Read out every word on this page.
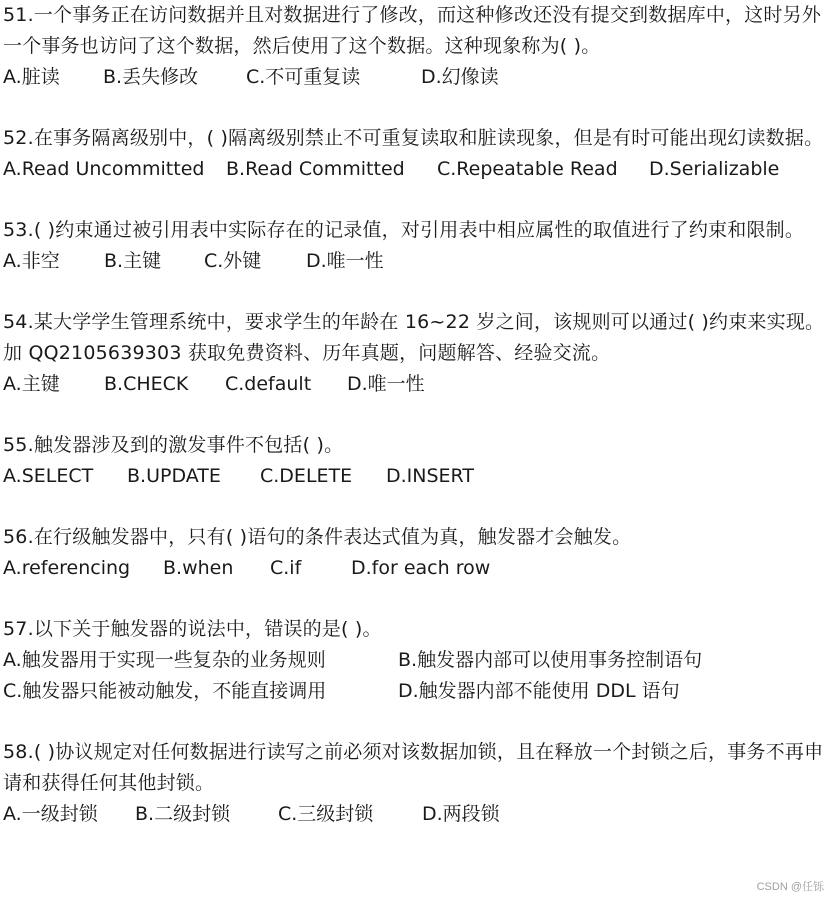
51.一个事务正在访问数据并且对数据进行了修改，而这种修改还没有提交到数据库中，这时另外一个事务也访问了这个数据，然后使用了这个数据。这种现象称为( )。

A.脏读 B.丢失修改	C.不可重复读	D.幻像读

52.在事务隔离级别中，( )隔离级别禁止不可重复读取和脏读现象，但是有时可能出现幻读数据。

A.Read Uncommitted B.Read Committed C.Repeatable Read D.Serializable

53.( )约束通过被引用表中实际存在的记录值，对引用表中相应属性的取值进行了约束和限制。

A.非空 B.主键 C.外键 D.唯一性

54.某大学学生管理系统中，要求学生的年龄在 16~22 岁之间，该规则可以通过( )约束来实现。加 QQ2105639303 获取免费资料、历年真题，问题解答、经验交流。

A.主键 B.CHECK C.default D.唯一性

55.触发器涉及到的激发事件不包括( )。

A.SELECT B.UPDATE C.DELETE D.INSERT

56.在行级触发器中，只有( )语句的条件表达式值为真，触发器才会触发。

A.referencing B.when C.if	D.for each row

57.以下关于触发器的说法中，错误的是( )。

A.触发器用于实现一些复杂的业务规则	B.触发器内部可以使用事务控制语句

C.触发器只能被动触发，不能直接调用	D.触发器内部不能使用 DDL 语句

58.( )协议规定对任何数据进行读写之前必须对该数据加锁，且在释放一个封锁之后，事务不再申请和获得任何其他封锁。

A.一级封锁 B.二级封锁	C.三级封锁	D.两段锁

CSDN @任铄
